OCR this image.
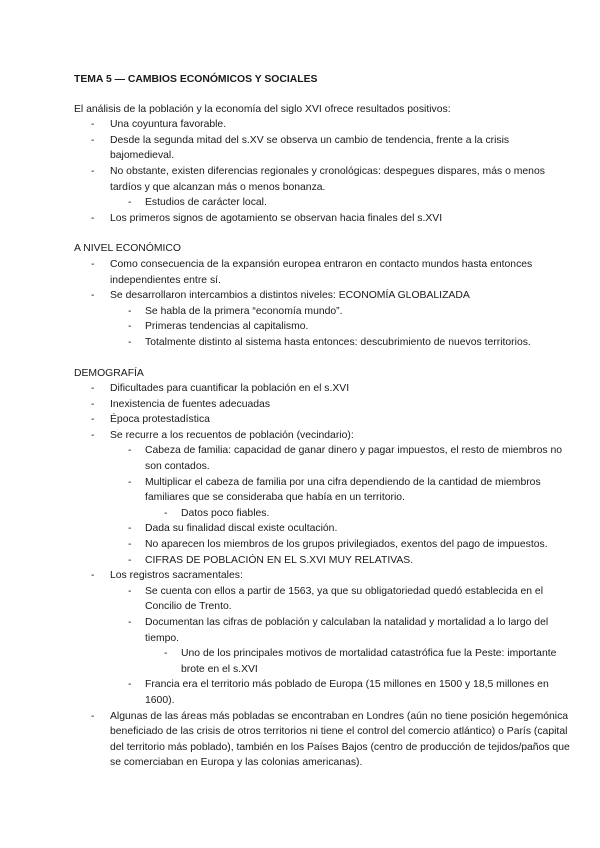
TEMA 5 — CAMBIOS ECONÓMICOS Y SOCIALES
El análisis de la población y la economía del siglo XVI ofrece resultados positivos:
- Una coyuntura favorable.
- Desde la segunda mitad del s.XV se observa un cambio de tendencia, frente a la crisis bajomedieval.
- No obstante, existen diferencias regionales y cronológicas: despegues dispares, más o menos tardíos y que alcanzan más o menos bonanza.
- Estudios de carácter local.
- Los primeros signos de agotamiento se observan hacia finales del s.XVI
A NIVEL ECONÓMICO
- Como consecuencia de la expansión europea entraron en contacto mundos hasta entonces independientes entre sí.
- Se desarrollaron intercambios a distintos niveles: ECONOMÍA GLOBALIZADA
- Se habla de la primera “economía mundo”.
- Primeras tendencias al capitalismo.
- Totalmente distinto al sistema hasta entonces: descubrimiento de nuevos territorios.
DEMOGRAFÍA
- Dificultades para cuantificar la población en el s.XVI
- Inexistencia de fuentes adecuadas
- Época protestadística
- Se recurre a los recuentos de población (vecindario):
- Cabeza de familia: capacidad de ganar dinero y pagar impuestos, el resto de miembros no son contados.
- Multiplicar el cabeza de familia por una cifra dependiendo de la cantidad de miembros familiares que se consideraba que había en un territorio.
- Datos poco fiables.
- Dada su finalidad discal existe ocultación.
- No aparecen los miembros de los grupos privilegiados, exentos del pago de impuestos.
- CIFRAS DE POBLACIÓN EN EL S.XVI MUY RELATIVAS.
- Los registros sacramentales:
- Se cuenta con ellos a partir de 1563, ya que su obligatoriedad quedó establecida en el Concilio de Trento.
- Documentan las cifras de población y calculaban la natalidad y mortalidad a lo largo del tiempo.
- Uno de los principales motivos de mortalidad catastrófica fue la Peste: importante brote en el s.XVI
- Francia era el territorio más poblado de Europa (15 millones en 1500 y 18,5 millones en 1600).
- Algunas de las áreas más pobladas se encontraban en Londres (aún no tiene posición hegemónica beneficiado de las crisis de otros territorios ni tiene el control del comercio atlántico) o París (capital del territorio más poblado), también en los Países Bajos (centro de producción de tejidos/paños que se comerciaban en Europa y las colonias americanas).
